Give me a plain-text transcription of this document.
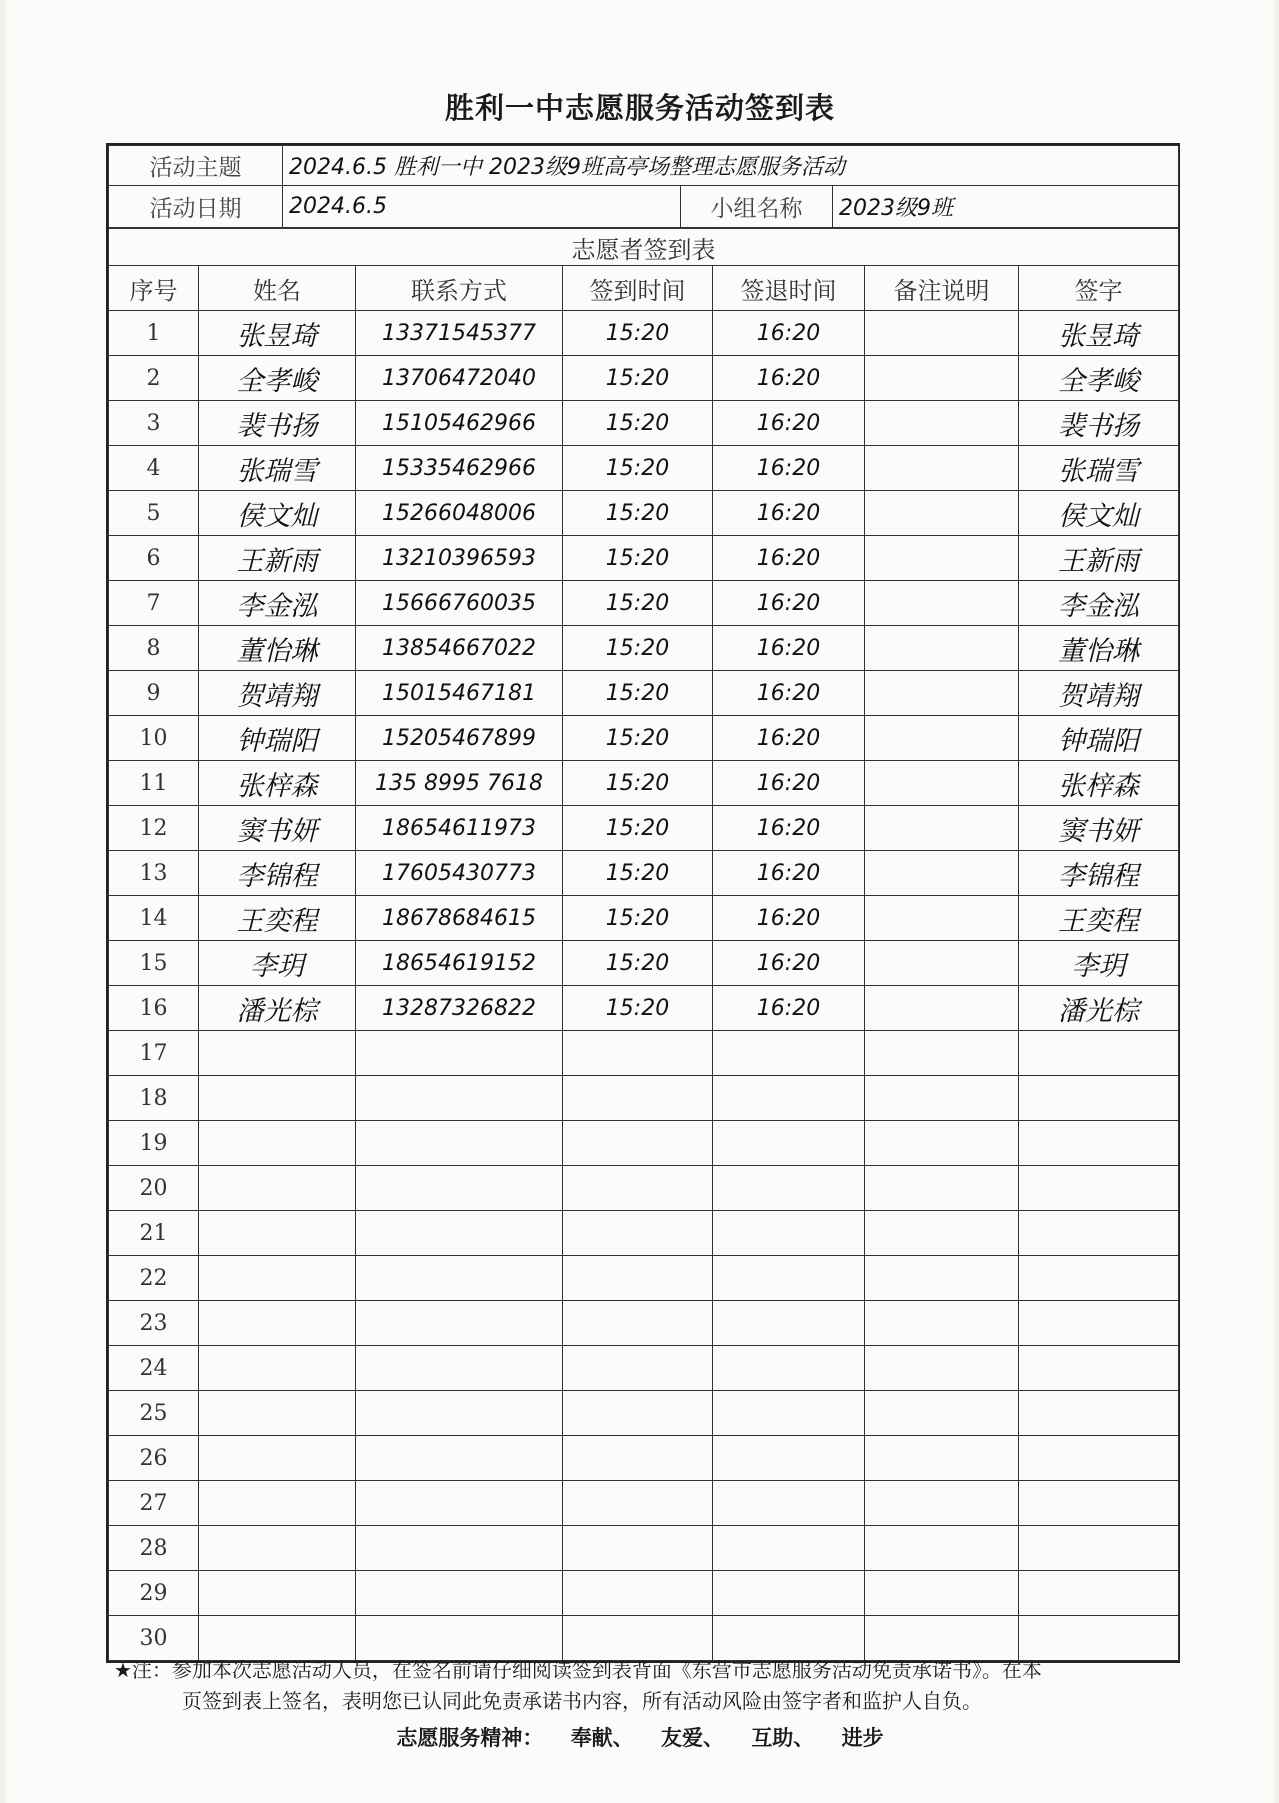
胜利一中志愿服务活动签到表
活动主题	2024.6.5 胜利一中 2023级9班高亭场整理志愿服务活动		
活动日期	2024.6.5	小组名称	2023级9班
志愿者签到表						
序号	姓名	联系方式	签到时间	签退时间	备注说明	签字
1	张昱琦	13371545377	15:20	16:20		张昱琦
2	全孝峻	13706472040	15:20	16:20		全孝峻
3	裴书扬	15105462966	15:20	16:20		裴书扬
4	张瑞雪	15335462966	15:20	16:20		张瑞雪
5	侯文灿	15266048006	15:20	16:20		侯文灿
6	王新雨	13210396593	15:20	16:20		王新雨
7	李金泓	15666760035	15:20	16:20		李金泓
8	董怡琳	13854667022	15:20	16:20		董怡琳
9	贺靖翔	15015467181	15:20	16:20		贺靖翔
10	钟瑞阳	15205467899	15:20	16:20		钟瑞阳
11	张梓森	135 8995 7618	15:20	16:20		张梓森
12	窦书妍	18654611973	15:20	16:20		窦书妍
13	李锦程	17605430773	15:20	16:20		李锦程
14	王奕程	18678684615	15:20	16:20		王奕程
15	李玥	18654619152	15:20	16:20		李玥
16	潘光棕	13287326822	15:20	16:20		潘光棕
17						
18						
19						
20						
21						
22						
23						
24						
25						
26						
27						
28						
29						
30						
★注：参加本次志愿活动人员，在签名前请仔细阅读签到表背面《东营市志愿服务活动免责承诺书》。在本
页签到表上签名，表明您已认同此免责承诺书内容，所有活动风险由签字者和监护人自负。
志愿服务精神： 奉献、 友爱、 互助、 进步
